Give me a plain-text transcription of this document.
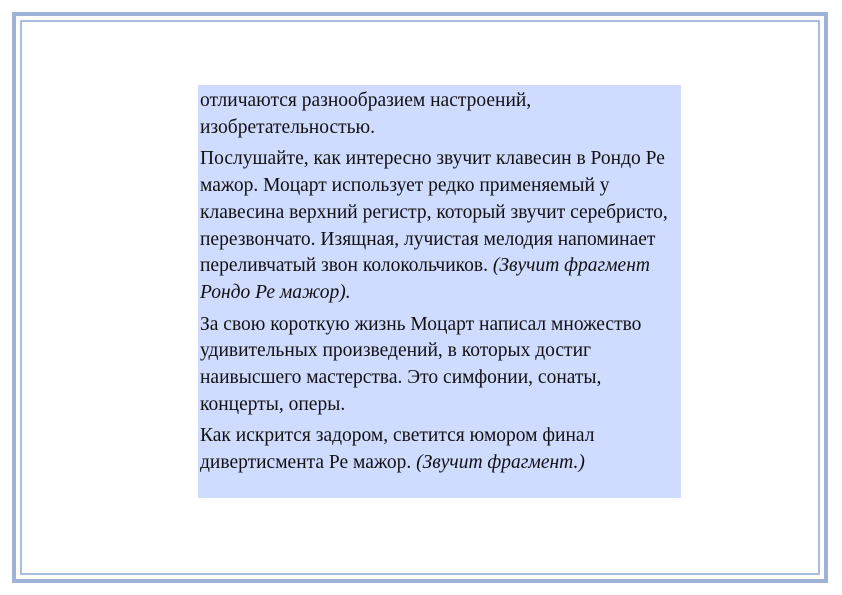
отличаются разнообразием настроений, изобретательностью.

Послушайте, как интересно звучит клавесин в Рондо Ре мажор. Моцарт использует редко применяемый у клавесина верхний регистр, который звучит серебристо, перезвончато. Изящная, лучистая мелодия напоминает переливчатый звон колокольчиков. (Звучит фрагмент Рондо Ре мажор).

За свою короткую жизнь Моцарт написал множество удивительных произведений, в которых достиг наивысшего мастерства. Это симфонии, сонаты, концерты, оперы.

Как искрится задором, светится юмором финал дивертисмента Ре мажор. (Звучит фрагмент.)
